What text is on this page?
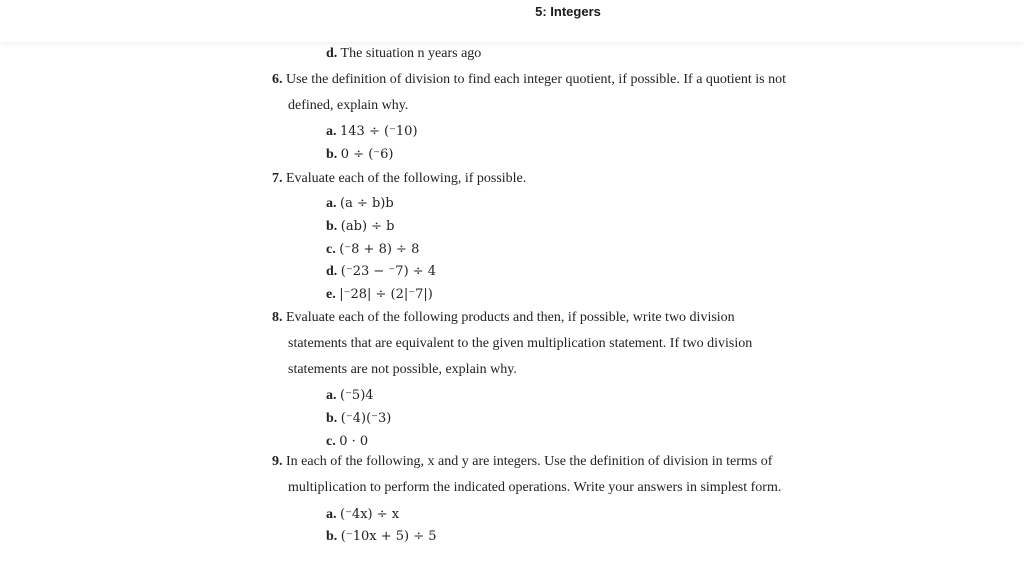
5: Integers
d. The situation n years ago
6. Use the definition of division to find each integer quotient, if possible. If a quotient is not
defined, explain why.
a. 143 ÷ (⁻10)
b. 0 ÷ (⁻6)
7. Evaluate each of the following, if possible.
a. (a ÷ b)b
b. (ab) ÷ b
c. (⁻8 + 8) ÷ 8
d. (⁻23 − ⁻7) ÷ 4
e. |⁻28| ÷ (2|⁻7|)
8. Evaluate each of the following products and then, if possible, write two division
statements that are equivalent to the given multiplication statement. If two division
statements are not possible, explain why.
a. (⁻5)4
b. (⁻4)(⁻3)
c. 0 · 0
9. In each of the following, x and y are integers. Use the definition of division in terms of
multiplication to perform the indicated operations. Write your answers in simplest form.
a. (⁻4x) ÷ x
b. (⁻10x + 5) ÷ 5
